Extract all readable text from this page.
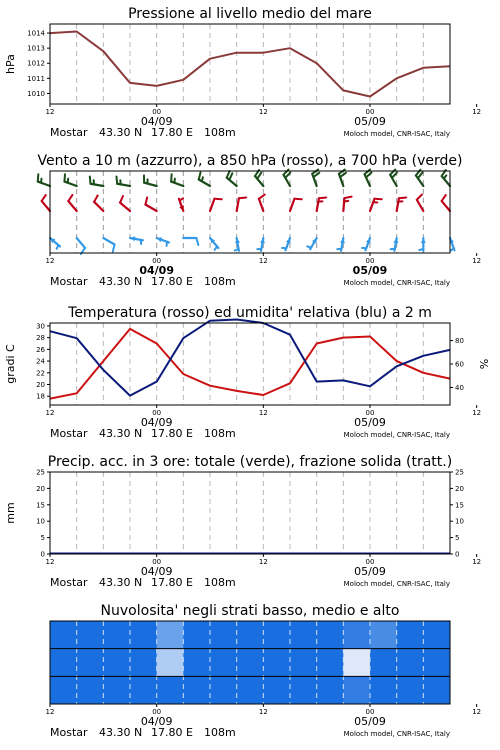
Pressione al livello medio del mare
1010
1011
1012
1013
1014
hPa
12	00	12	00	12
04/09	05/09
Mostar 43.30 N 17.80 E 108m	Moloch model, CNR-ISAC, Italy
Vento a 10 m (azzurro), a 850 hPa (rosso), a 700 hPa (verde)
12	00	12	00	12
04/09	05/09
Mostar 43.30 N 17.80 E 108m	Moloch model, CNR-ISAC, Italy
Temperatura (rosso) ed umidita' relativa (blu) a 2 m
18
20
22
24
26
28
30
40
60
80
gradi C	%
12	00	12	00	12
04/09	05/09
Mostar 43.30 N 17.80 E 108m	Moloch model, CNR-ISAC, Italy
Precip. acc. in 3 ore: totale (verde), frazione solida (tratt.)
0
5
10
15
20
25
0
5
10
15
20
25
mm
12	00	12	00	12
04/09	05/09
Mostar 43.30 N 17.80 E 108m	Moloch model, CNR-ISAC, Italy
Nuvolosita' negli strati basso, medio e alto
12	00	12	00	12
04/09	05/09
Mostar 43.30 N 17.80 E 108m	Moloch model, CNR-ISAC, Italy
